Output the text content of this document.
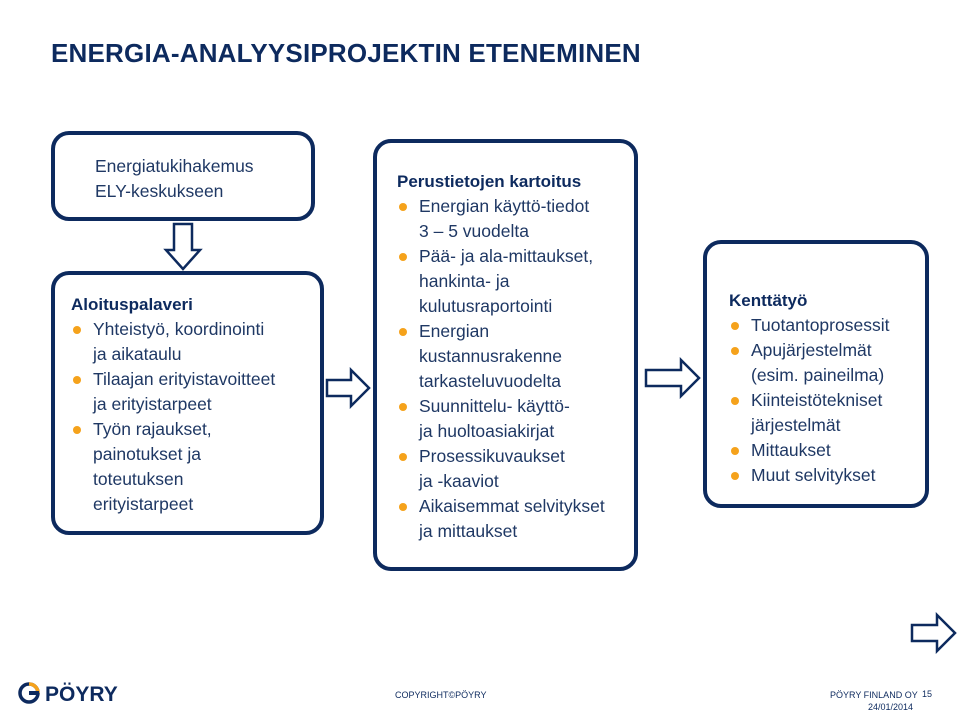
ENERGIA-ANALYYSIPROJEKTIN ETENEMINEN
Energiatukihakemus
ELY-keskukseen
Aloituspalaveri
Yhteistyö, koordinointi
ja aikataulu
Tilaajan erityistavoitteet
ja erityistarpeet
Työn rajaukset,
painotukset ja
toteutuksen
erityistarpeet
Perustietojen kartoitus
Energian käyttö-tiedot
3 – 5 vuodelta
Pää- ja ala-mittaukset,
hankinta- ja
kulutusraportointi
Energian
kustannusrakenne
tarkasteluvuodelta
Suunnittelu- käyttö-
ja huoltoasiakirjat
Prosessikuvaukset
ja -kaaviot
Aikaisemmat selvitykset
ja mittaukset
Kenttätyö
Tuotantoprosessit
Apujärjestelmät
(esim. paineilma)
Kiinteistötekniset
järjestelmät
Mittaukset
Muut selvitykset
PÖYRY	COPYRIGHT©PÖYRY	PÖYRY FINLAND OY
24/01/2014
15
